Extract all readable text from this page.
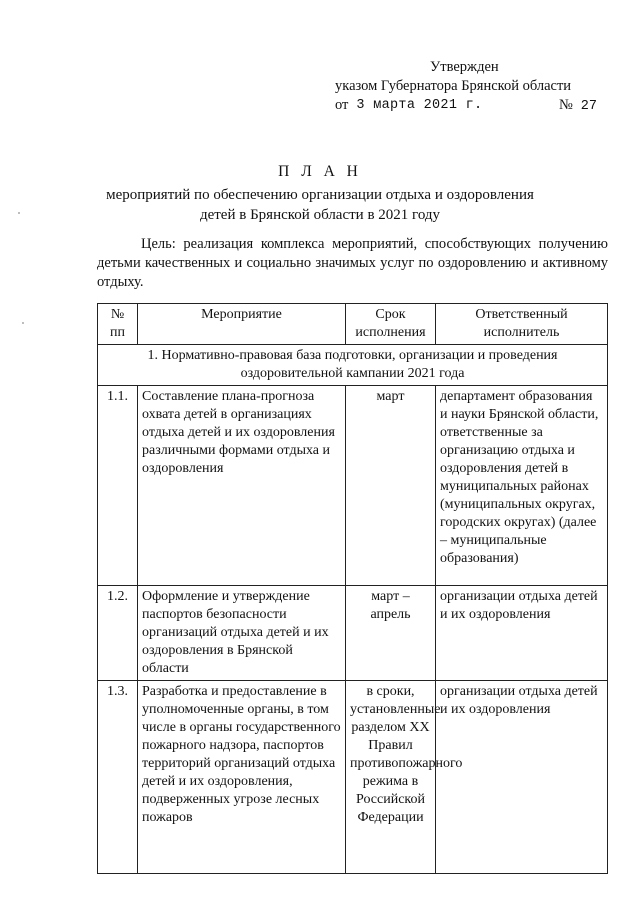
Утвержден
указом Губернатора Брянской области
от 3 марта 2021 г.	№ 27
П Л А Н
мероприятий по обеспечению организации отдыха и оздоровления
детей в Брянской области в 2021 году
Цель: реализация комплекса мероприятий, способствующих получению детьми качественных и социально значимых услуг по оздоровлению и активному отдыху.
№ пп	Мероприятие	Срок исполнения	Ответственный исполнитель
1. Нормативно-правовая база подготовки, организации и проведения оздоровительной кампании 2021 года			
1.1.	Составление плана-прогноза охвата детей в организациях отдыха детей и их оздоровления различными формами отдыха и оздоровления	март	департамент образования и науки Брянской области, ответственные за организацию отдыха и оздоровления детей в муниципальных районах (муниципальных округах, городских округах) (далее – муниципальные образования)
1.2.	Оформление и утверждение паспортов безопасности организаций отдыха детей и их оздоровления в Брянской области	март – апрель	организации отдыха детей и их оздоровления
1.3.	Разработка и предоставление в уполномоченные органы, в том числе в органы государственного пожарного надзора, паспортов территорий организаций отдыха детей и их оздоровления, подверженных угрозе лесных пожаров	в сроки, установленные разделом XX Правил противопожарного режима в Российской Федерации	организации отдыха детей и их оздоровления
